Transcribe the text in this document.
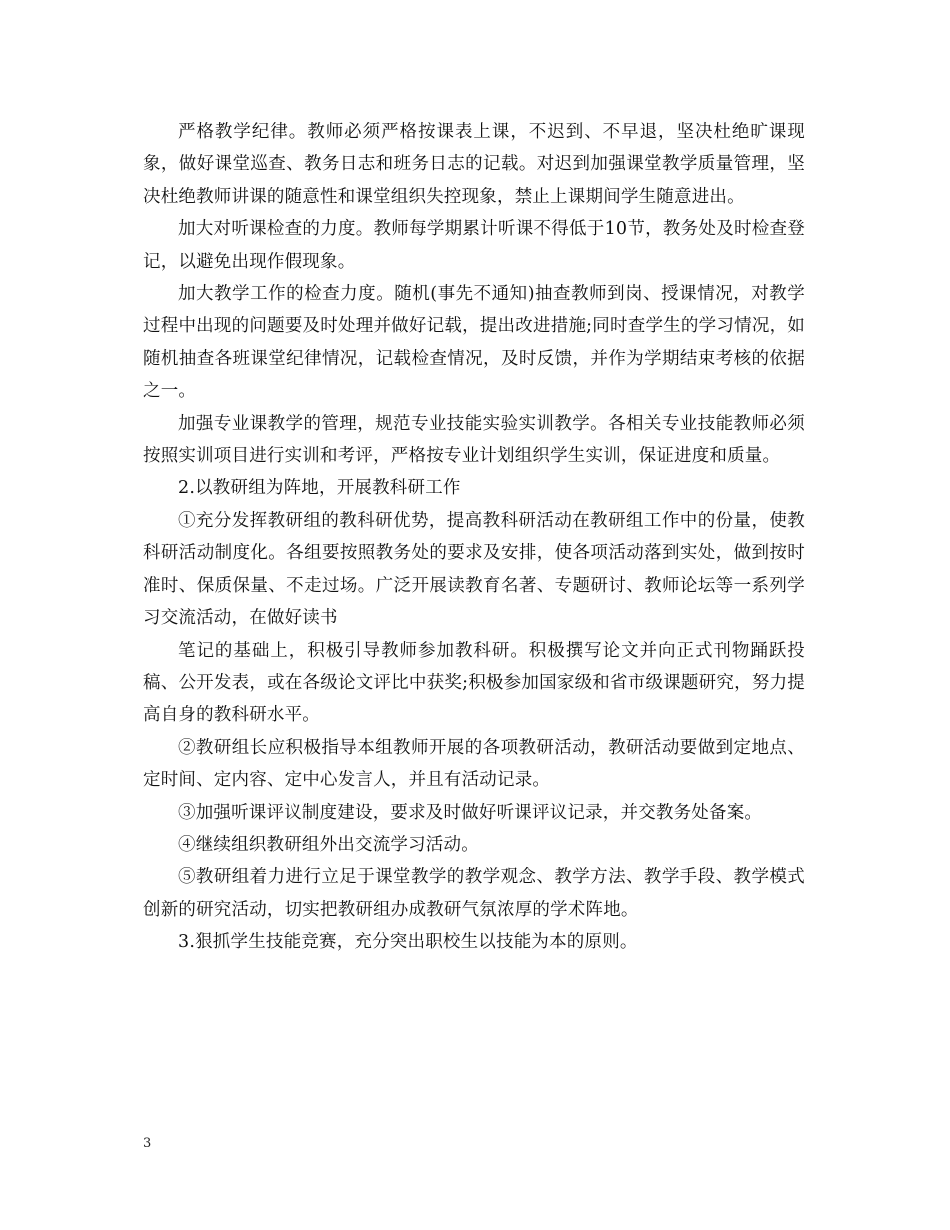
严格教学纪律。教师必须严格按课表上课，不迟到、不早退，坚决杜绝旷课现象，做好课堂巡查、教务日志和班务日志的记载。对迟到加强课堂教学质量管理，坚决杜绝教师讲课的随意性和课堂组织失控现象，禁止上课期间学生随意进出。

加大对听课检查的力度。教师每学期累计听课不得低于10节，教务处及时检查登记，以避免出现作假现象。

加大教学工作的检查力度。随机(事先不通知)抽查教师到岗、授课情况，对教学过程中出现的问题要及时处理并做好记载，提出改进措施;同时查学生的学习情况，如随机抽查各班课堂纪律情况，记载检查情况，及时反馈，并作为学期结束考核的依据之一。

加强专业课教学的管理，规范专业技能实验实训教学。各相关专业技能教师必须按照实训项目进行实训和考评，严格按专业计划组织学生实训，保证进度和质量。

2.以教研组为阵地，开展教科研工作

①充分发挥教研组的教科研优势，提高教科研活动在教研组工作中的份量，使教科研活动制度化。各组要按照教务处的要求及安排，使各项活动落到实处，做到按时准时、保质保量、不走过场。广泛开展读教育名著、专题研讨、教师论坛等一系列学习交流活动，在做好读书

笔记的基础上，积极引导教师参加教科研。积极撰写论文并向正式刊物踊跃投稿、公开发表，或在各级论文评比中获奖;积极参加国家级和省市级课题研究，努力提高自身的教科研水平。

②教研组长应积极指导本组教师开展的各项教研活动，教研活动要做到定地点、定时间、定内容、定中心发言人，并且有活动记录。

③加强听课评议制度建设，要求及时做好听课评议记录，并交教务处备案。

④继续组织教研组外出交流学习活动。

⑤教研组着力进行立足于课堂教学的教学观念、教学方法、教学手段、教学模式创新的研究活动，切实把教研组办成教研气氛浓厚的学术阵地。

3.狠抓学生技能竞赛，充分突出职校生以技能为本的原则。

3
